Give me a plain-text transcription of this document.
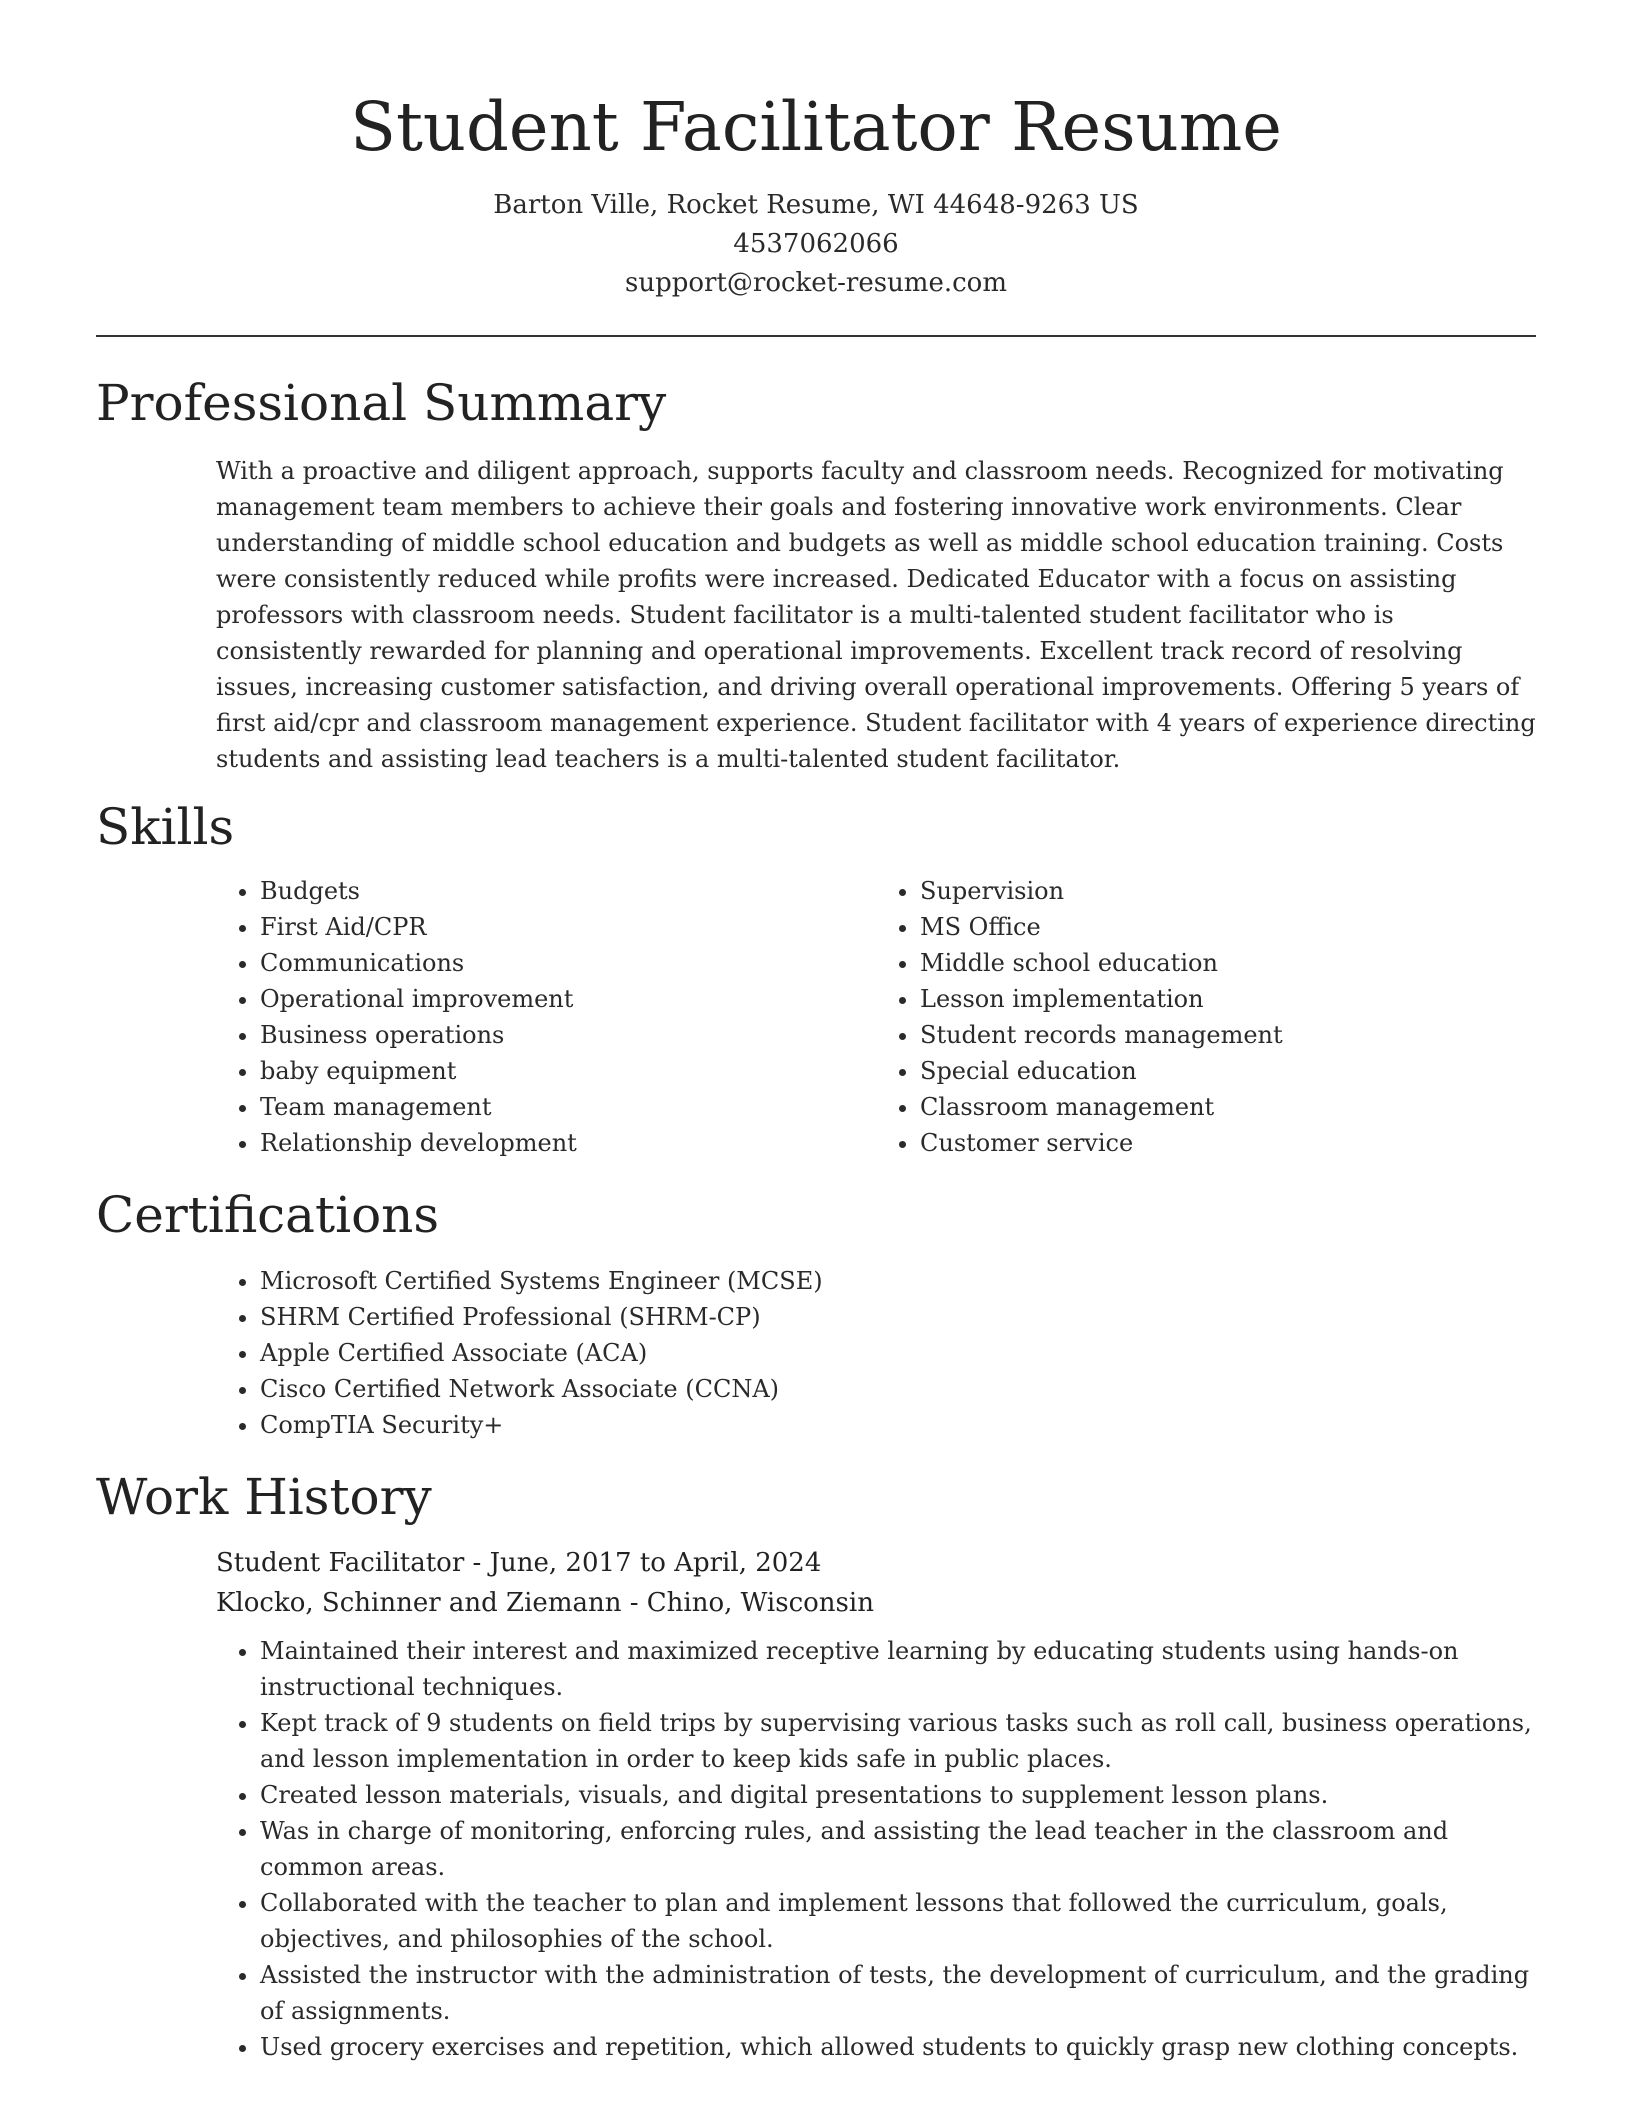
Student Facilitator Resume
Barton Ville, Rocket Resume, WI 44648-9263 US
4537062066
support@rocket-resume.com
Professional Summary
With a proactive and diligent approach, supports faculty and classroom needs. Recognized for motivating management team members to achieve their goals and fostering innovative work environments. Clear understanding of middle school education and budgets as well as middle school education training. Costs were consistently reduced while profits were increased. Dedicated Educator with a focus on assisting professors with classroom needs. Student facilitator is a multi-talented student facilitator who is consistently rewarded for planning and operational improvements. Excellent track record of resolving issues, increasing customer satisfaction, and driving overall operational improvements. Offering 5 years of first aid/cpr and classroom management experience. Student facilitator with 4 years of experience directing students and assisting lead teachers is a multi-talented student facilitator.
Skills
• Budgets
• First Aid/CPR
• Communications
• Operational improvement
• Business operations
• baby equipment
• Team management
• Relationship development
• Supervision
• MS Office
• Middle school education
• Lesson implementation
• Student records management
• Special education
• Classroom management
• Customer service
Certifications
• Microsoft Certified Systems Engineer (MCSE)
• SHRM Certified Professional (SHRM-CP)
• Apple Certified Associate (ACA)
• Cisco Certified Network Associate (CCNA)
• CompTIA Security+
Work History
Student Facilitator - June, 2017 to April, 2024
Klocko, Schinner and Ziemann - Chino, Wisconsin
• Maintained their interest and maximized receptive learning by educating students using hands-on instructional techniques.
• Kept track of 9 students on field trips by supervising various tasks such as roll call, business operations, and lesson implementation in order to keep kids safe in public places.
• Created lesson materials, visuals, and digital presentations to supplement lesson plans.
• Was in charge of monitoring, enforcing rules, and assisting the lead teacher in the classroom and common areas.
• Collaborated with the teacher to plan and implement lessons that followed the curriculum, goals, objectives, and philosophies of the school.
• Assisted the instructor with the administration of tests, the development of curriculum, and the grading of assignments.
• Used grocery exercises and repetition, which allowed students to quickly grasp new clothing concepts.
